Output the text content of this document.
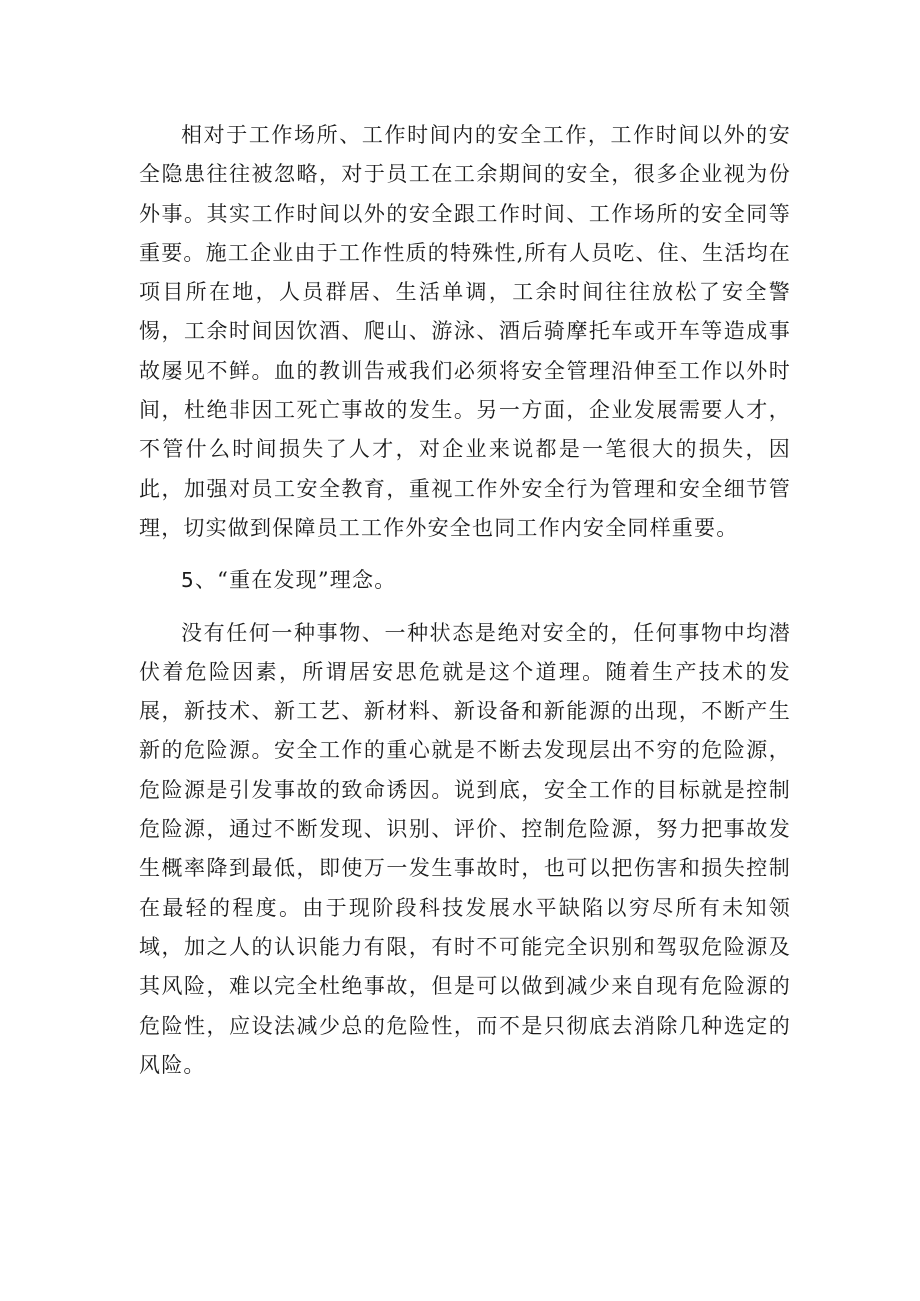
相对于工作场所、工作时间内的安全工作，工作时间以外的安全隐患往往被忽略，对于员工在工余期间的安全，很多企业视为份外事。其实工作时间以外的安全跟工作时间、工作场所的安全同等重要。施工企业由于工作性质的特殊性,所有人员吃、住、生活均在项目所在地，人员群居、生活单调，工余时间往往放松了安全警惕，工余时间因饮酒、爬山、游泳、酒后骑摩托车或开车等造成事故屡见不鲜。血的教训告戒我们必须将安全管理沿伸至工作以外时间，杜绝非因工死亡事故的发生。另一方面，企业发展需要人才，不管什么时间损失了人才，对企业来说都是一笔很大的损失，因此，加强对员工安全教育，重视工作外安全行为管理和安全细节管理，切实做到保障员工工作外安全也同工作内安全同样重要。

5、“重在发现”理念。

没有任何一种事物、一种状态是绝对安全的，任何事物中均潜伏着危险因素，所谓居安思危就是这个道理。随着生产技术的发展，新技术、新工艺、新材料、新设备和新能源的出现，不断产生新的危险源。安全工作的重心就是不断去发现层出不穷的危险源，危险源是引发事故的致命诱因。说到底，安全工作的目标就是控制危险源，通过不断发现、识别、评价、控制危险源，努力把事故发生概率降到最低，即使万一发生事故时，也可以把伤害和损失控制在最轻的程度。由于现阶段科技发展水平缺陷以穷尽所有未知领域，加之人的认识能力有限，有时不可能完全识别和驾驭危险源及其风险，难以完全杜绝事故，但是可以做到减少来自现有危险源的危险性，应设法减少总的危险性，而不是只彻底去消除几种选定的风险。
